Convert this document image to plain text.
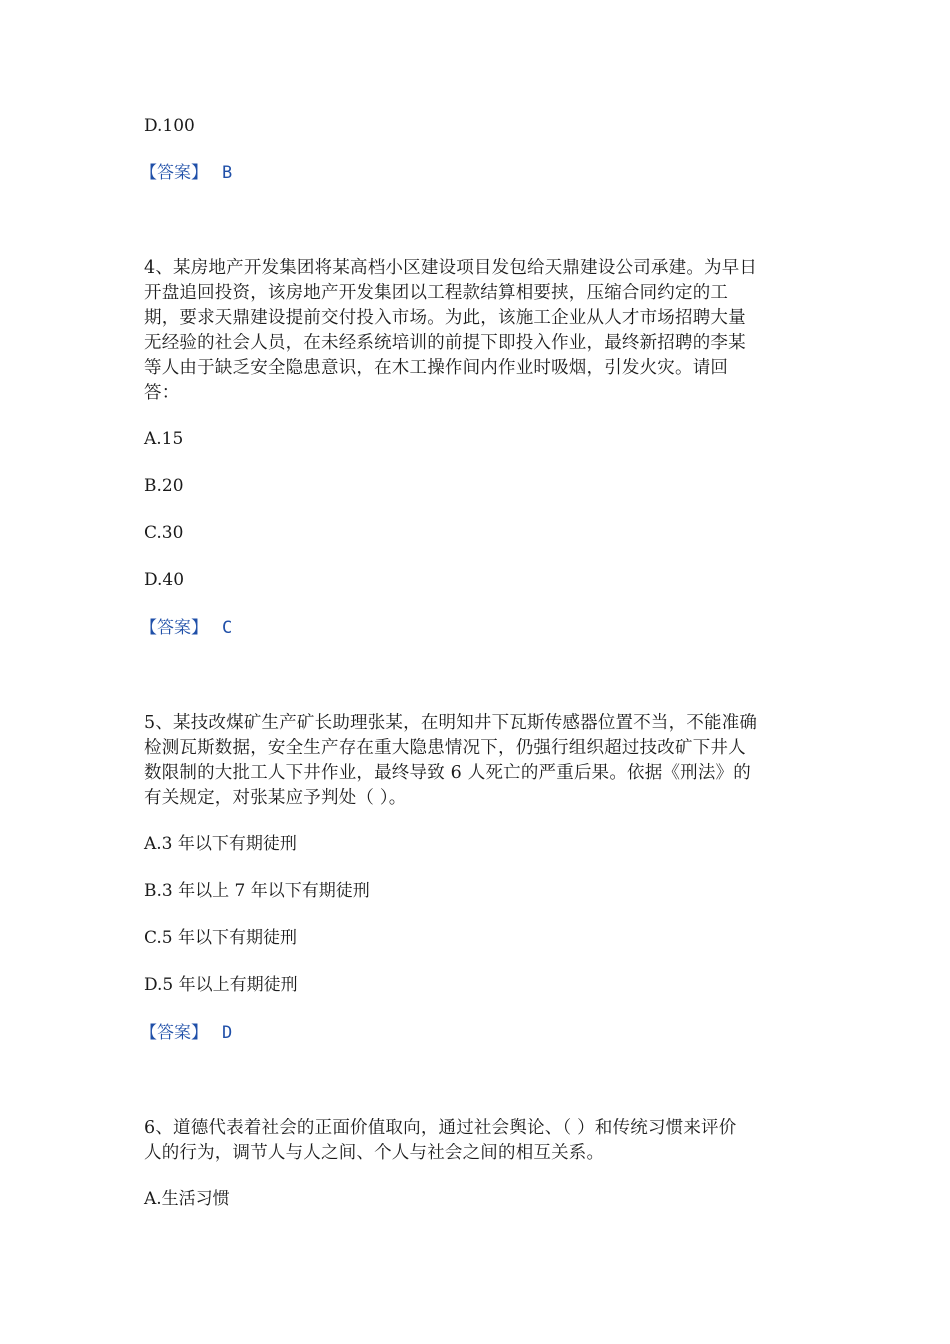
D.100
【答案】 B
4、某房地产开发集团将某高档小区建设项目发包给天鼎建设公司承建。为早日
开盘追回投资，该房地产开发集团以工程款结算相要挟，压缩合同约定的工
期，要求天鼎建设提前交付投入市场。为此，该施工企业从人才市场招聘大量
无经验的社会人员，在未经系统培训的前提下即投入作业，最终新招聘的李某
等人由于缺乏安全隐患意识，在木工操作间内作业时吸烟，引发火灾。请回
答：
A.15
B.20
C.30
D.40
【答案】 C
5、某技改煤矿生产矿长助理张某，在明知井下瓦斯传感器位置不当，不能准确
检测瓦斯数据，安全生产存在重大隐患情况下，仍强行组织超过技改矿下井人
数限制的大批工人下井作业，最终导致 6 人死亡的严重后果。依据《刑法》的
有关规定，对张某应予判处（ ）。
A.3 年以下有期徒刑
B.3 年以上 7 年以下有期徒刑
C.5 年以下有期徒刑
D.5 年以上有期徒刑
【答案】 D
6、道德代表着社会的正面价值取向，通过社会舆论、（ ）和传统习惯来评价
人的行为，调节人与人之间、个人与社会之间的相互关系。
A.生活习惯
